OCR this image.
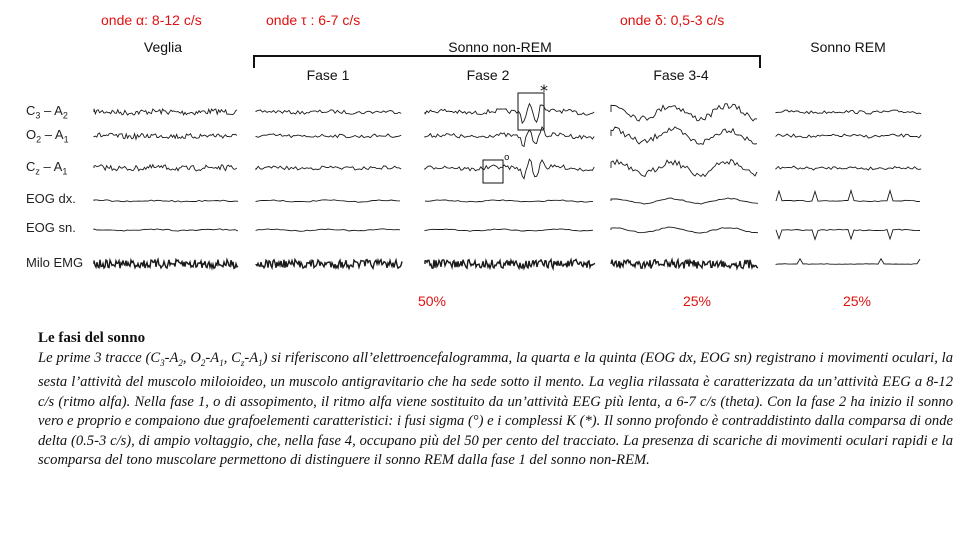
onde α: 8-12 c/s	onde τ : 6-7 c/s	onde δ: 0,5-3 c/s
Veglia	Sonno non-REM	Sonno REM
Fase 1	Fase 2	Fase 3-4
$C_3 - A_2$
$O_2 - A_1$
$C_z - A_1$
EOG dx.
EOG sn.
Milo EMG
*
o
50%	25%	25%

Le fasi del sonno

Le prime 3 tracce ($C_3-A_2$, $O_2-A_1$, $C_z-A_1$) si riferiscono all’elettroencefalogramma, la quarta e la quinta (EOG dx, EOG sn) registrano i movimenti oculari, la sesta l’attività del muscolo miloioideo, un muscolo antigravitario che ha sede sotto il mento. La veglia rilassata è caratterizzata da un’attività EEG a 8-12 c/s (ritmo alfa). Nella fase 1, o di assopimento, il ritmo alfa viene sostituito da un’attività EEG più lenta, a 6-7 c/s (theta). Con la fase 2 ha inizio il sonno vero e proprio e compaiono due grafoelementi caratteristici: i fusi sigma (°) e i complessi K (*). Il sonno profondo è contraddistinto dalla comparsa di onde delta (0.5-3 c/s), di ampio voltaggio, che, nella fase 4, occupano più del 50 per cento del tracciato. La presenza di scariche di movimenti oculari rapidi e la scomparsa del tono muscolare permettono di distinguere il sonno REM dalla fase 1 del sonno non-REM.
